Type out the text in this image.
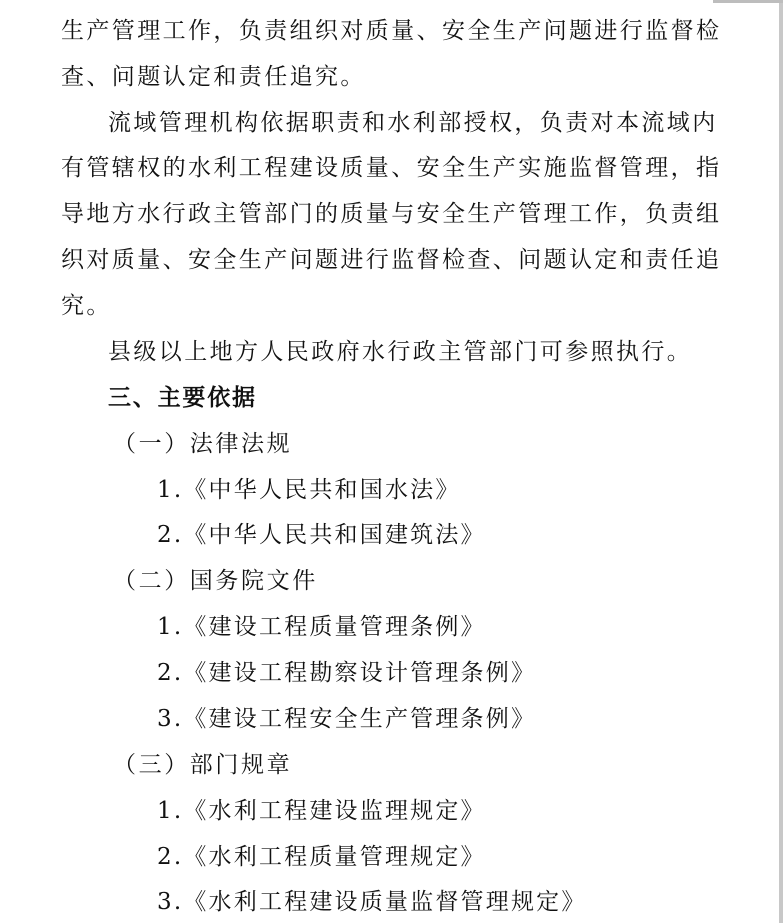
生产管理工作，负责组织对质量、安全生产问题进行监督检
查、问题认定和责任追究。
流域管理机构依据职责和水利部授权，负责对本流域内
有管辖权的水利工程建设质量、安全生产实施监督管理，指
导地方水行政主管部门的质量与安全生产管理工作，负责组
织对质量、安全生产问题进行监督检查、问题认定和责任追
究。
县级以上地方人民政府水行政主管部门可参照执行。
三、主要依据
（一）法律法规
1.《中华人民共和国水法》
2.《中华人民共和国建筑法》
（二）国务院文件
1.《建设工程质量管理条例》
2.《建设工程勘察设计管理条例》
3.《建设工程安全生产管理条例》
（三）部门规章
1.《水利工程建设监理规定》
2.《水利工程质量管理规定》
3.《水利工程建设质量监督管理规定》
